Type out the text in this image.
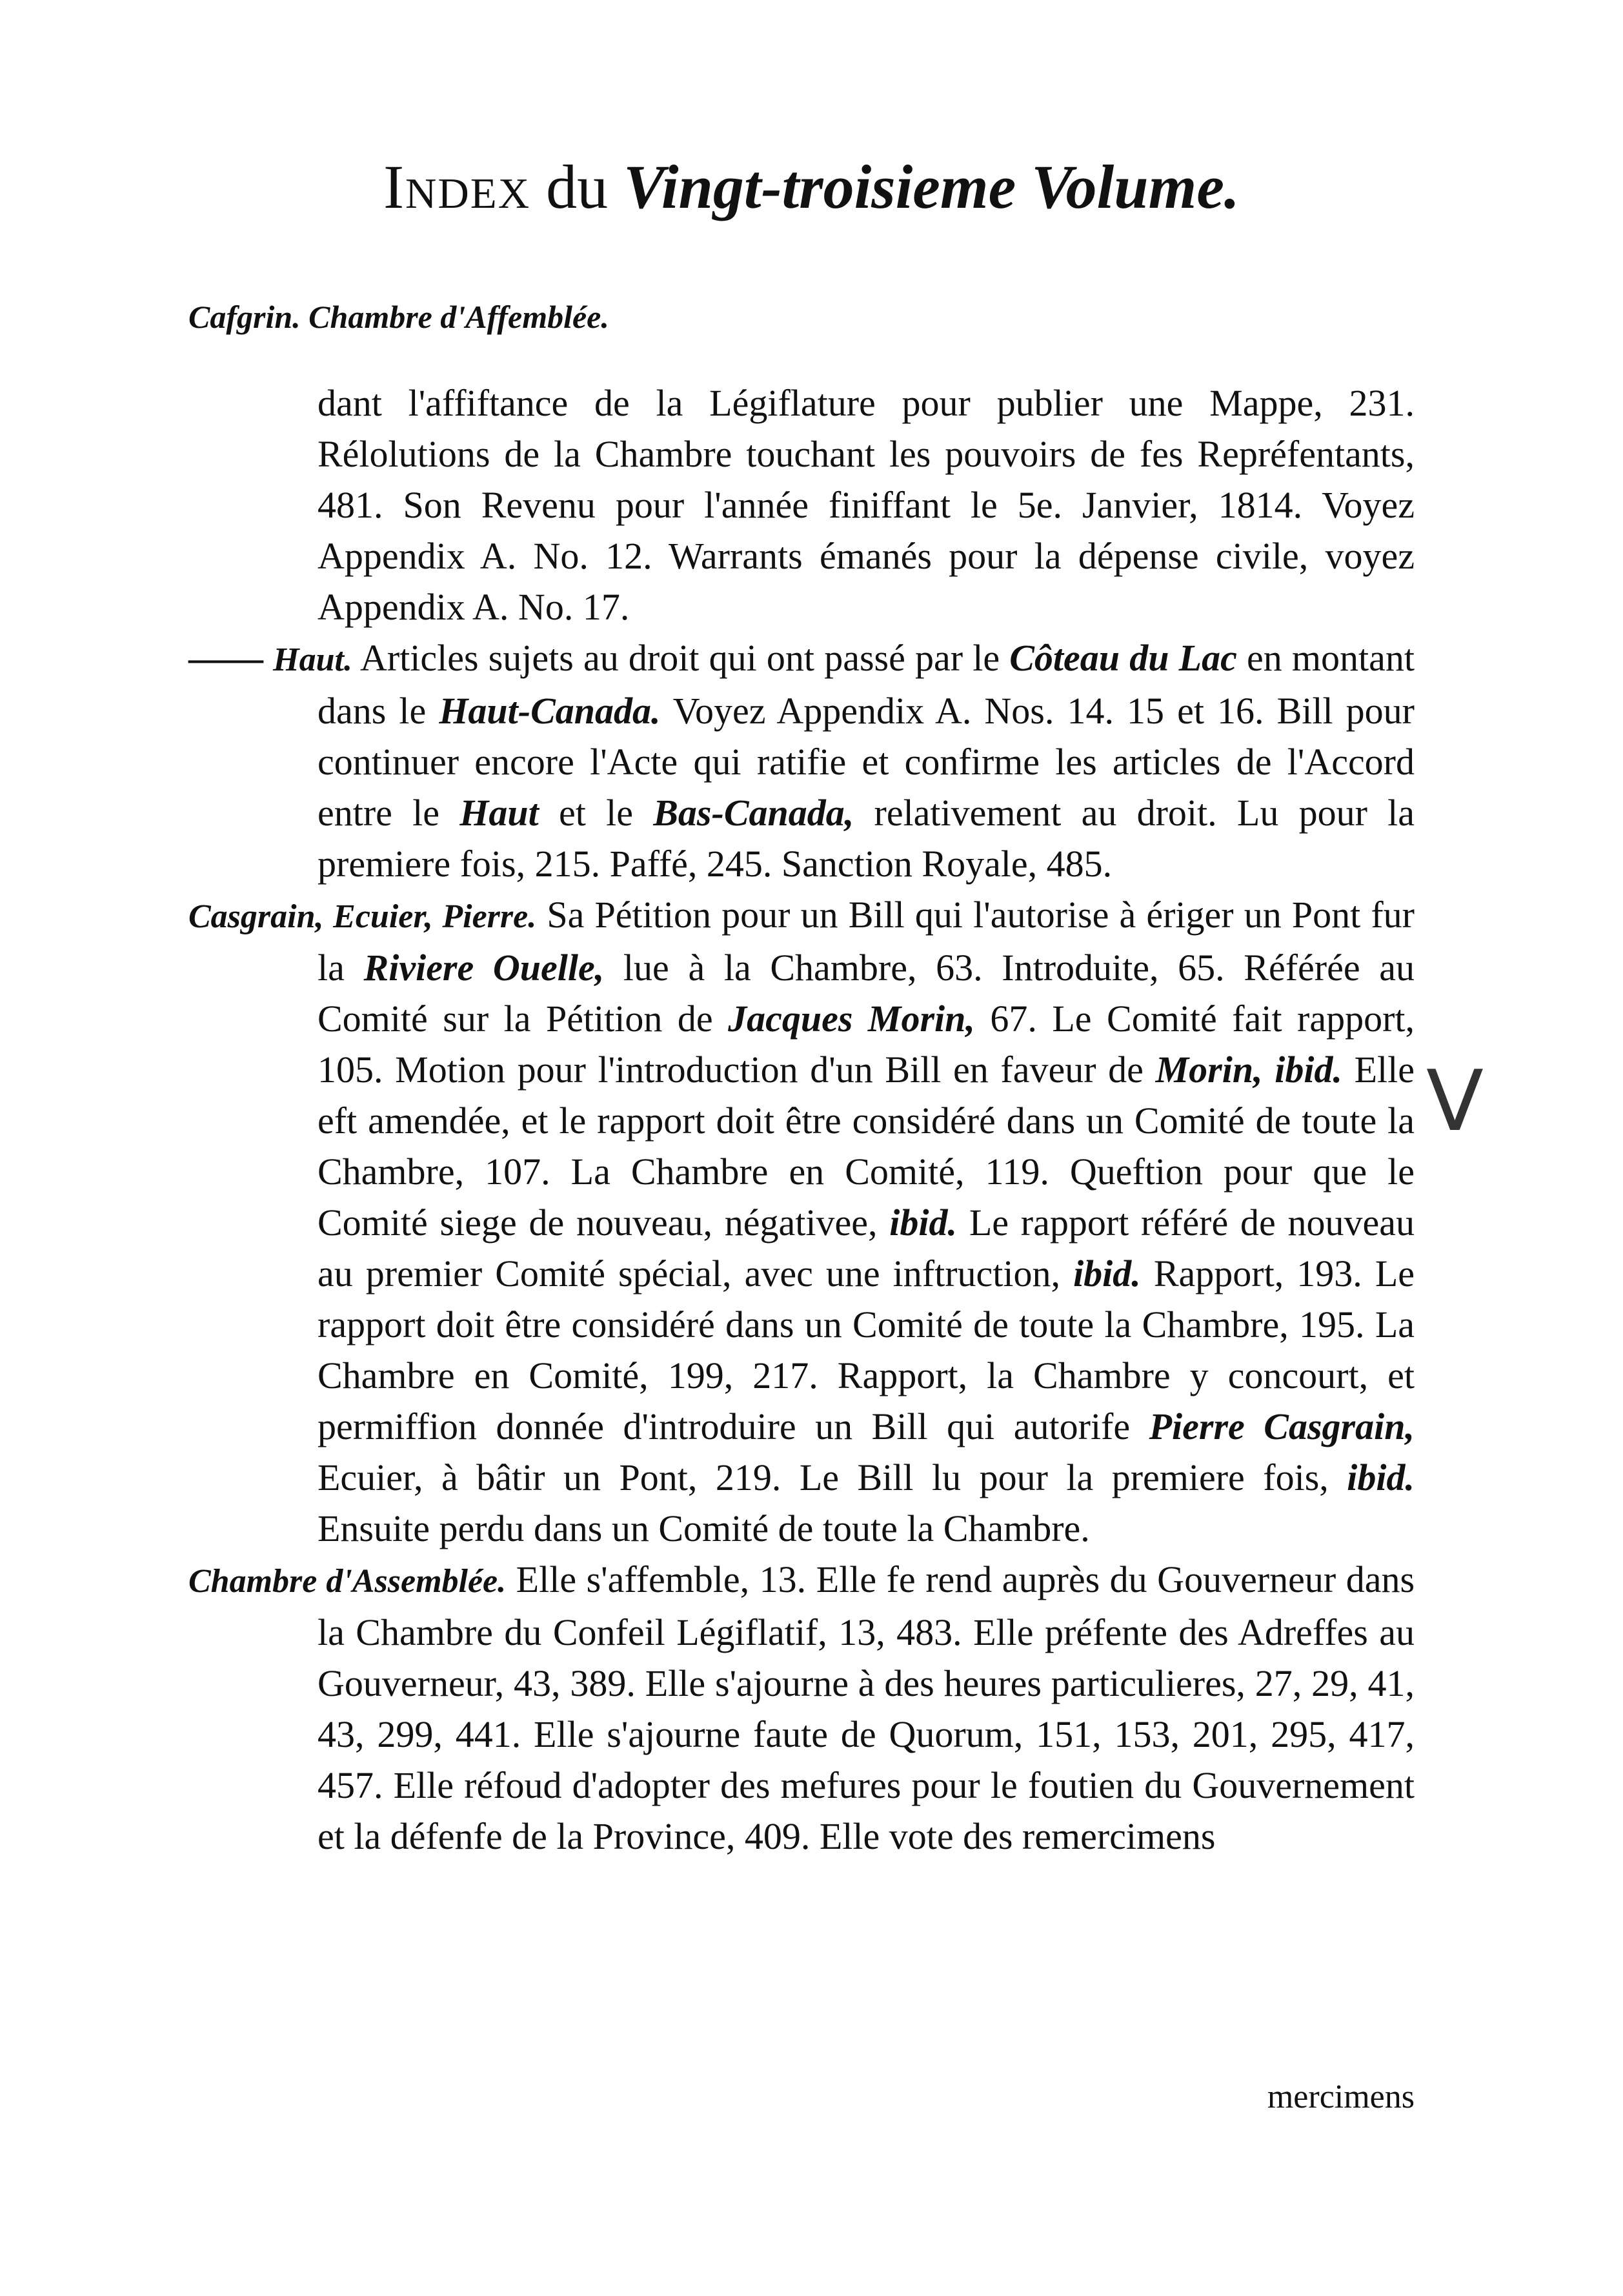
Index du Vingt-troisieme Volume.
Cafgrin. Chambre d'Affemblée.

dant l'affiftance de la Légiflature pour publier une Mappe, 231. Rélolutions de la Chambre touchant les pouvoirs de fes Repréfentants, 481. Son Revenu pour l'année finiffant le 5e. Janvier, 1814. Voyez Appendix A. No. 12. Warrants émanés pour la dépense civile, voyez Appendix A. No. 17.

—— Haut. Articles sujets au droit qui ont passé par le Côteau du Lac en montant dans le Haut-Canada. Voyez Appendix A. Nos. 14. 15 et 16. Bill pour continuer encore l'Acte qui ratifie et confirme les articles de l'Accord entre le Haut et le Bas-Canada, relativement au droit. Lu pour la premiere fois, 215. Paffé, 245. Sanction Royale, 485.

Casgrain, Ecuier, Pierre. Sa Pétition pour un Bill qui l'autorise à ériger un Pont fur la Riviere Ouelle, lue à la Chambre, 63. Introduite, 65. Référée au Comité sur la Pétition de Jacques Morin, 67. Le Comité fait rapport, 105. Motion pour l'introduction d'un Bill en faveur de Morin, ibid. Elle eft amendée, et le rapport doit être considéré dans un Comité de toute la Chambre, 107. La Chambre en Comité, 119. Queftion pour que le Comité siege de nouveau, négativee, ibid. Le rapport référé de nouveau au premier Comité spécial, avec une inftruction, ibid. Rapport, 193. Le rapport doit être considéré dans un Comité de toute la Chambre, 195. La Chambre en Comité, 199, 217. Rapport, la Chambre y concourt, et permiffion donnée d'introduire un Bill qui autorife Pierre Casgrain, Ecuier, à bâtir un Pont, 219. Le Bill lu pour la premiere fois, ibid. Ensuite perdu dans un Comité de toute la Chambre.

Chambre d'Assemblée. Elle s'affemble, 13. Elle fe rend auprès du Gouverneur dans la Chambre du Confeil Légiflatif, 13, 483. Elle préfente des Adreffes au Gouverneur, 43, 389. Elle s'ajourne à des heures particulieres, 27, 29, 41, 43, 299, 441. Elle s'ajourne faute de Quorum, 151, 153, 201, 295, 417, 457. Elle réfoud d'adopter des mefures pour le foutien du Gouvernement et la défenfe de la Province, 409. Elle vote des remercimens

mercimens
V
